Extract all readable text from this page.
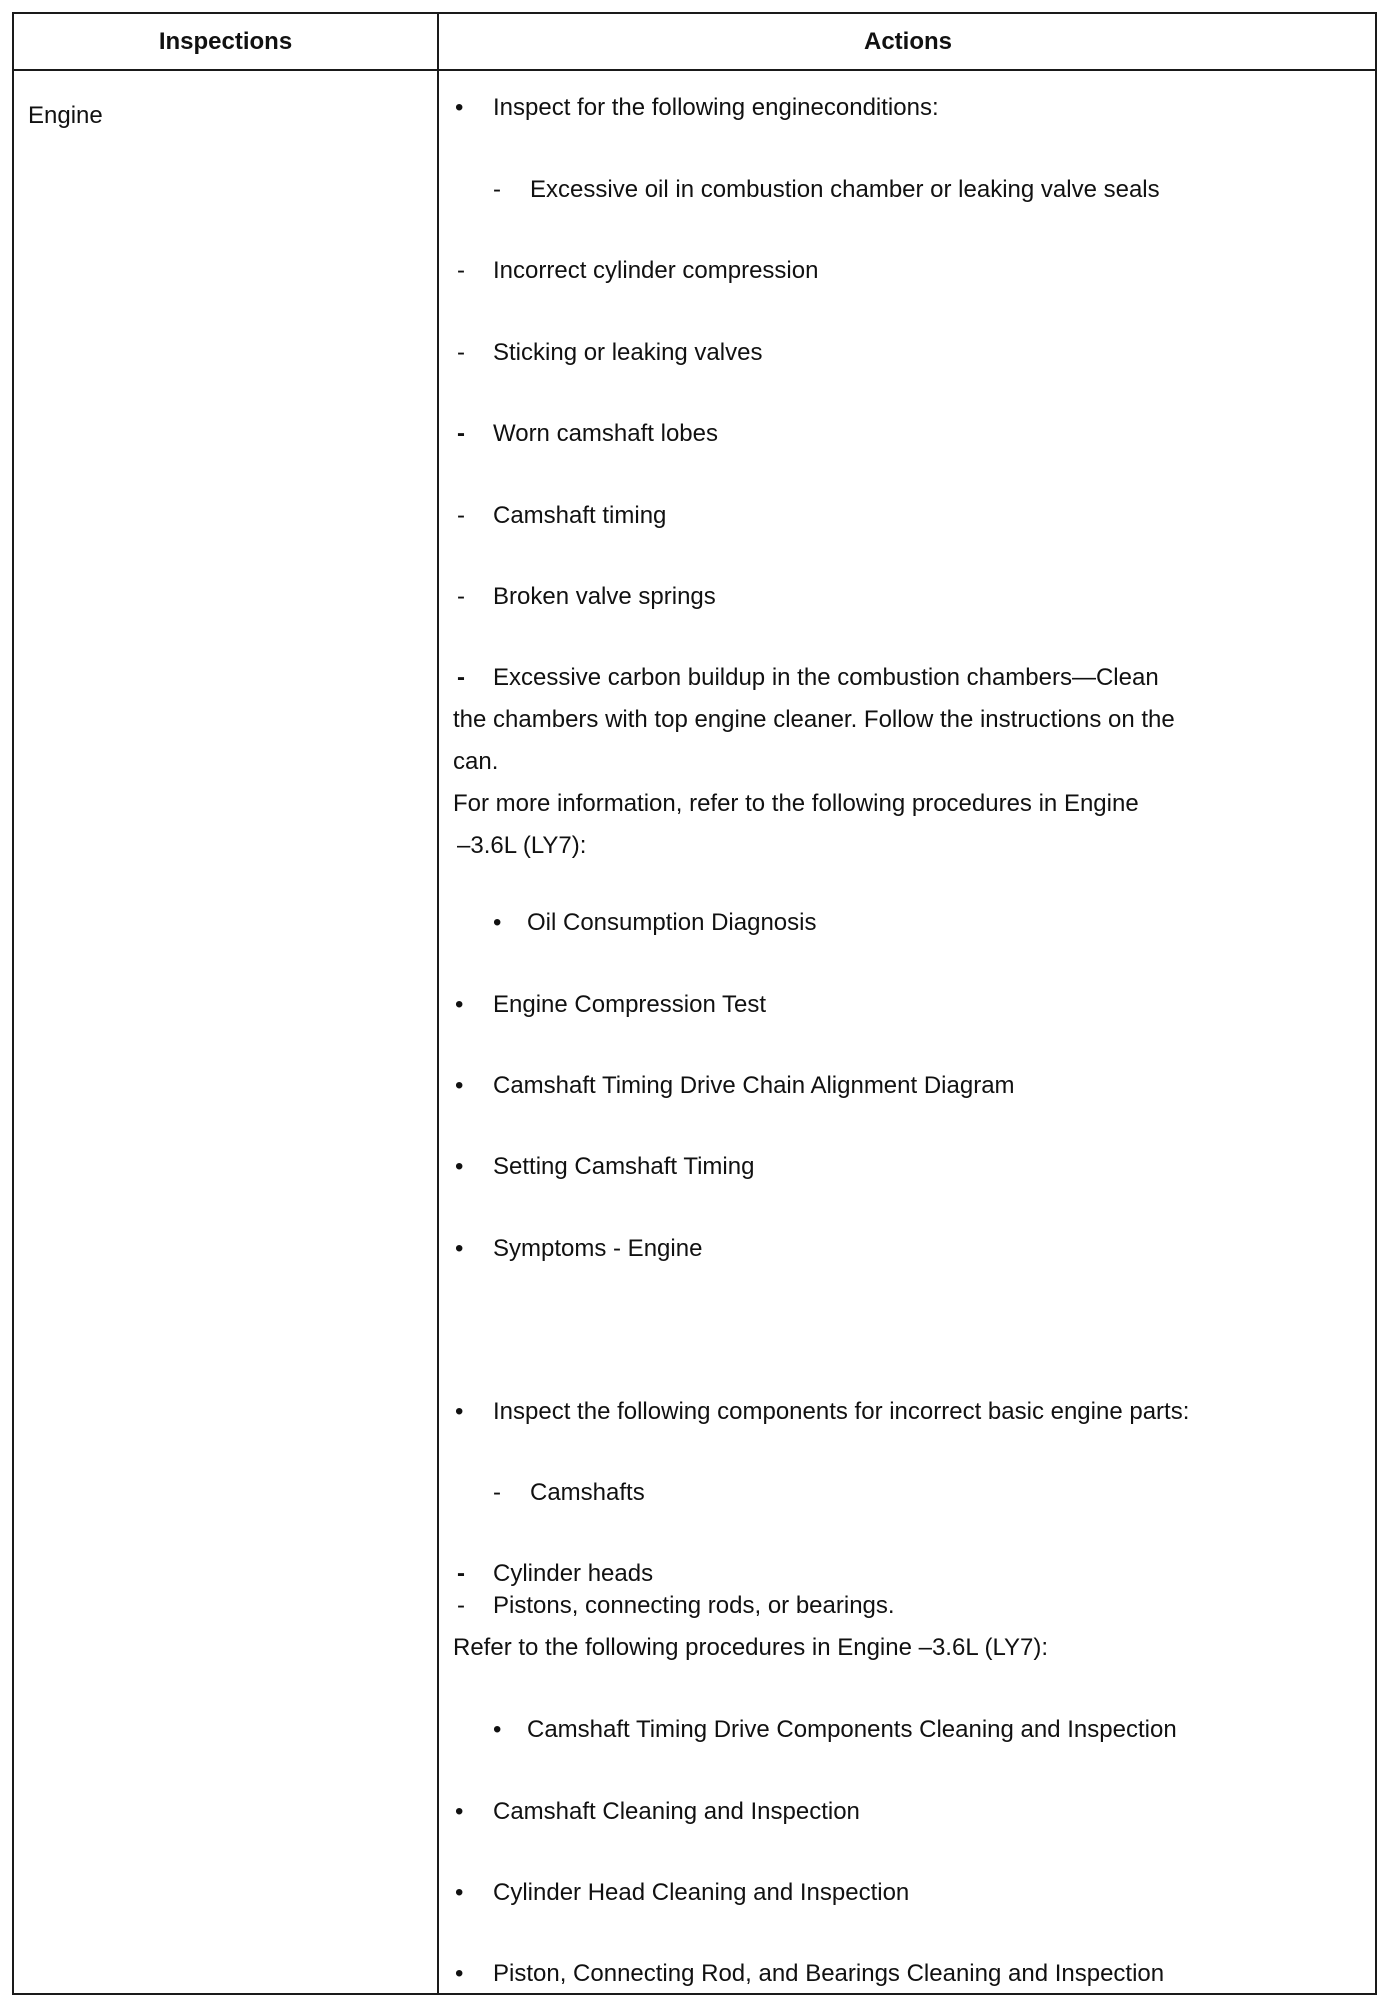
Inspections	Actions
Engine	• Inspect for the following engineconditions:
- Excessive oil in combustion chamber or leaking valve seals
- Incorrect cylinder compression
- Sticking or leaking valves
- Worn camshaft lobes
- Camshaft timing
- Broken valve springs
- Excessive carbon buildup in the combustion chambers—Clean
the chambers with top engine cleaner. Follow the instructions on the
can.
For more information, refer to the following procedures in Engine
–3.6L (LY7):
• Oil Consumption Diagnosis
• Engine Compression Test
• Camshaft Timing Drive Chain Alignment Diagram
• Setting Camshaft Timing
• Symptoms - Engine
• Inspect the following components for incorrect basic engine parts:
- Camshafts
- Cylinder heads
- Pistons, connecting rods, or bearings.
Refer to the following procedures in Engine –3.6L (LY7):
• Camshaft Timing Drive Components Cleaning and Inspection
• Camshaft Cleaning and Inspection
• Cylinder Head Cleaning and Inspection
• Piston, Connecting Rod, and Bearings Cleaning and Inspection
